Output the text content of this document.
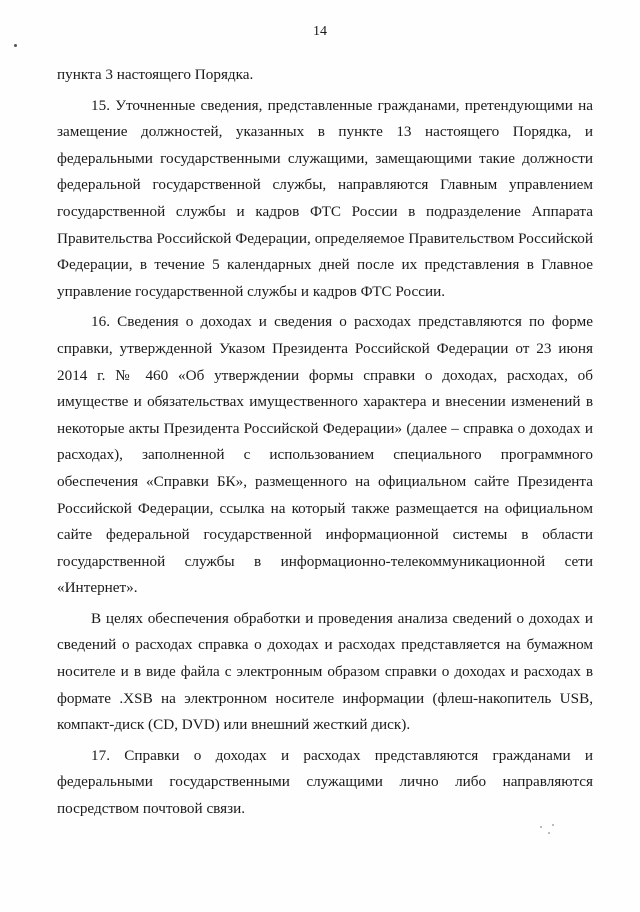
14

пункта 3 настоящего Порядка.

15. Уточненные сведения, представленные гражданами, претендующими на замещение должностей, указанных в пункте 13 настоящего Порядка, и федеральными государственными служащими, замещающими такие должности федеральной государственной службы, направляются Главным управлением государственной службы и кадров ФТС России в подразделение Аппарата Правительства Российской Федерации, определяемое Правительством Российской Федерации, в течение 5 календарных дней после их представления в Главное управление государственной службы и кадров ФТС России.

16. Сведения о доходах и сведения о расходах представляются по форме справки, утвержденной Указом Президента Российской Федерации от 23 июня 2014 г. № 460 «Об утверждении формы справки о доходах, расходах, об имуществе и обязательствах имущественного характера и внесении изменений в некоторые акты Президента Российской Федерации» (далее – справка о доходах и расходах), заполненной с использованием специального программного обеспечения «Справки БК», размещенного на официальном сайте Президента Российской Федерации, ссылка на который также размещается на официальном сайте федеральной государственной информационной системы в области государственной службы в информационно-телекоммуникационной сети «Интернет».

В целях обеспечения обработки и проведения анализа сведений о доходах и сведений о расходах справка о доходах и расходах представляется на бумажном носителе и в виде файла с электронным образом справки о доходах и расходах в формате .XSB на электронном носителе информации (флеш-накопитель USB, компакт-диск (CD, DVD) или внешний жесткий диск).

17. Справки о доходах и расходах представляются гражданами и федеральными государственными служащими лично либо направляются посредством почтовой связи.
